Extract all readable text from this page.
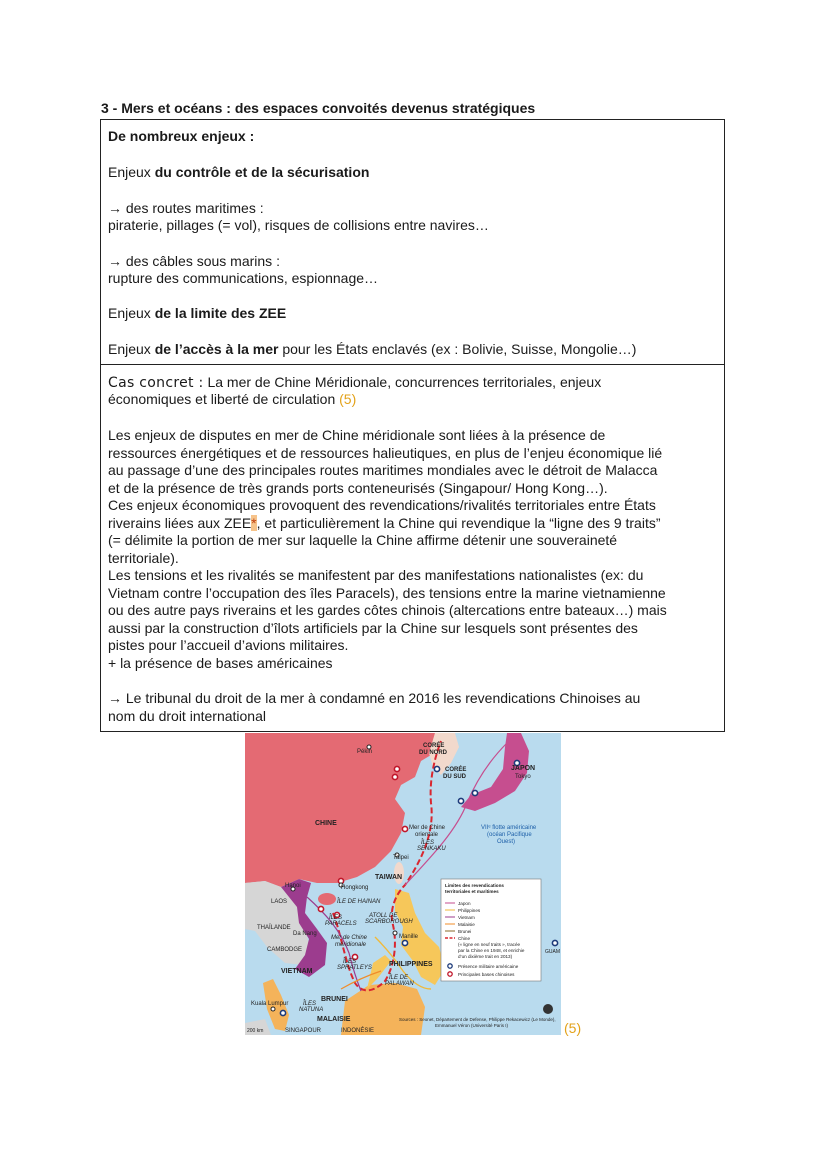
3 - Mers et océans : des espaces convoités devenus stratégiques
De nombreux enjeux :
Enjeux du contrôle et de la sécurisation
→ des routes maritimes :
piraterie, pillages (= vol), risques de collisions entre navires…
→ des câbles sous marins :
rupture des communications, espionnage…
Enjeux de la limite des ZEE
Enjeux de l’accès à la mer pour les États enclavés (ex : Bolivie, Suisse, Mongolie…)
Cas concret : La mer de Chine Méridionale, concurrences territoriales, enjeux
économiques et liberté de circulation (5)
Les enjeux de disputes en mer de Chine méridionale sont liées à la présence de
ressources énergétiques et de ressources halieutiques, en plus de l’enjeu économique lié
au passage d’une des principales routes maritimes mondiales avec le détroit de Malacca
et de la présence de très grands ports conteneurisés (Singapour/ Hong Kong…).
Ces enjeux économiques provoquent des revendications/rivalités territoriales entre États
riverains liées aux ZEE*, et particulièrement la Chine qui revendique la “ligne des 9 traits”
(= délimite la portion de mer sur laquelle la Chine affirme détenir une souveraineté
territoriale).
Les tensions et les rivalités se manifestent par des manifestations nationalistes (ex: du
Vietnam contre l’occupation des îles Paracels), des tensions entre la marine vietnamienne
ou des autre pays riverains et les gardes côtes chinois (altercations entre bateaux…) mais
aussi par la construction d’îlots artificiels par la Chine sur lesquels sont présentes des
pistes pour l’accueil d’avions militaires.
+ la présence de bases américaines
→ Le tribunal du droit de la mer à condamné en 2016 les revendications Chinoises au
nom du droit international
Pékin
CORÉE
DU NORD
CORÉE
DU SUD
JAPON
Tokyo
CHINE
Mer de Chine
orientale
ÎLES
SENKAKU
VIIᵉ flotte américaine
(océan Pacifique
Ouest)
Taipei
TAIWAN
Hanoi	Hongkong
ÎLE DE HAINAN
LAOS
ÎLES
PARACELS
ATOLL DE
SCARBOROUGH
THAÏLANDE
Da Nang
Mer de Chine
méridionale
Manille
CAMBODGE
VIETNAM
ÎLES
SPRATLEYS PHILIPPINES
ÎLE DE
PALAWAN
GUAM
Kuala Lumpur ÎLES
NATUNA
BRUNEI
MALAISIE
SINGAPOUR	INDONÉSIE
200 km
Sources : Seonet, Département de Defense, Philippe Rekacewicz (Le Monde),
Emmanuel Véron (Université Paris I)
Limites des revendications
territoriales et maritimes
Japon
Philippines
Vietnam
Malaisie
Brunei
Chine
(« ligne en neuf traits », tracée
par la Chine en 1948, et enrichie
d’un dixième trait en 2013)
Présence militaire américaine
Principales bases chinoises
(5)
